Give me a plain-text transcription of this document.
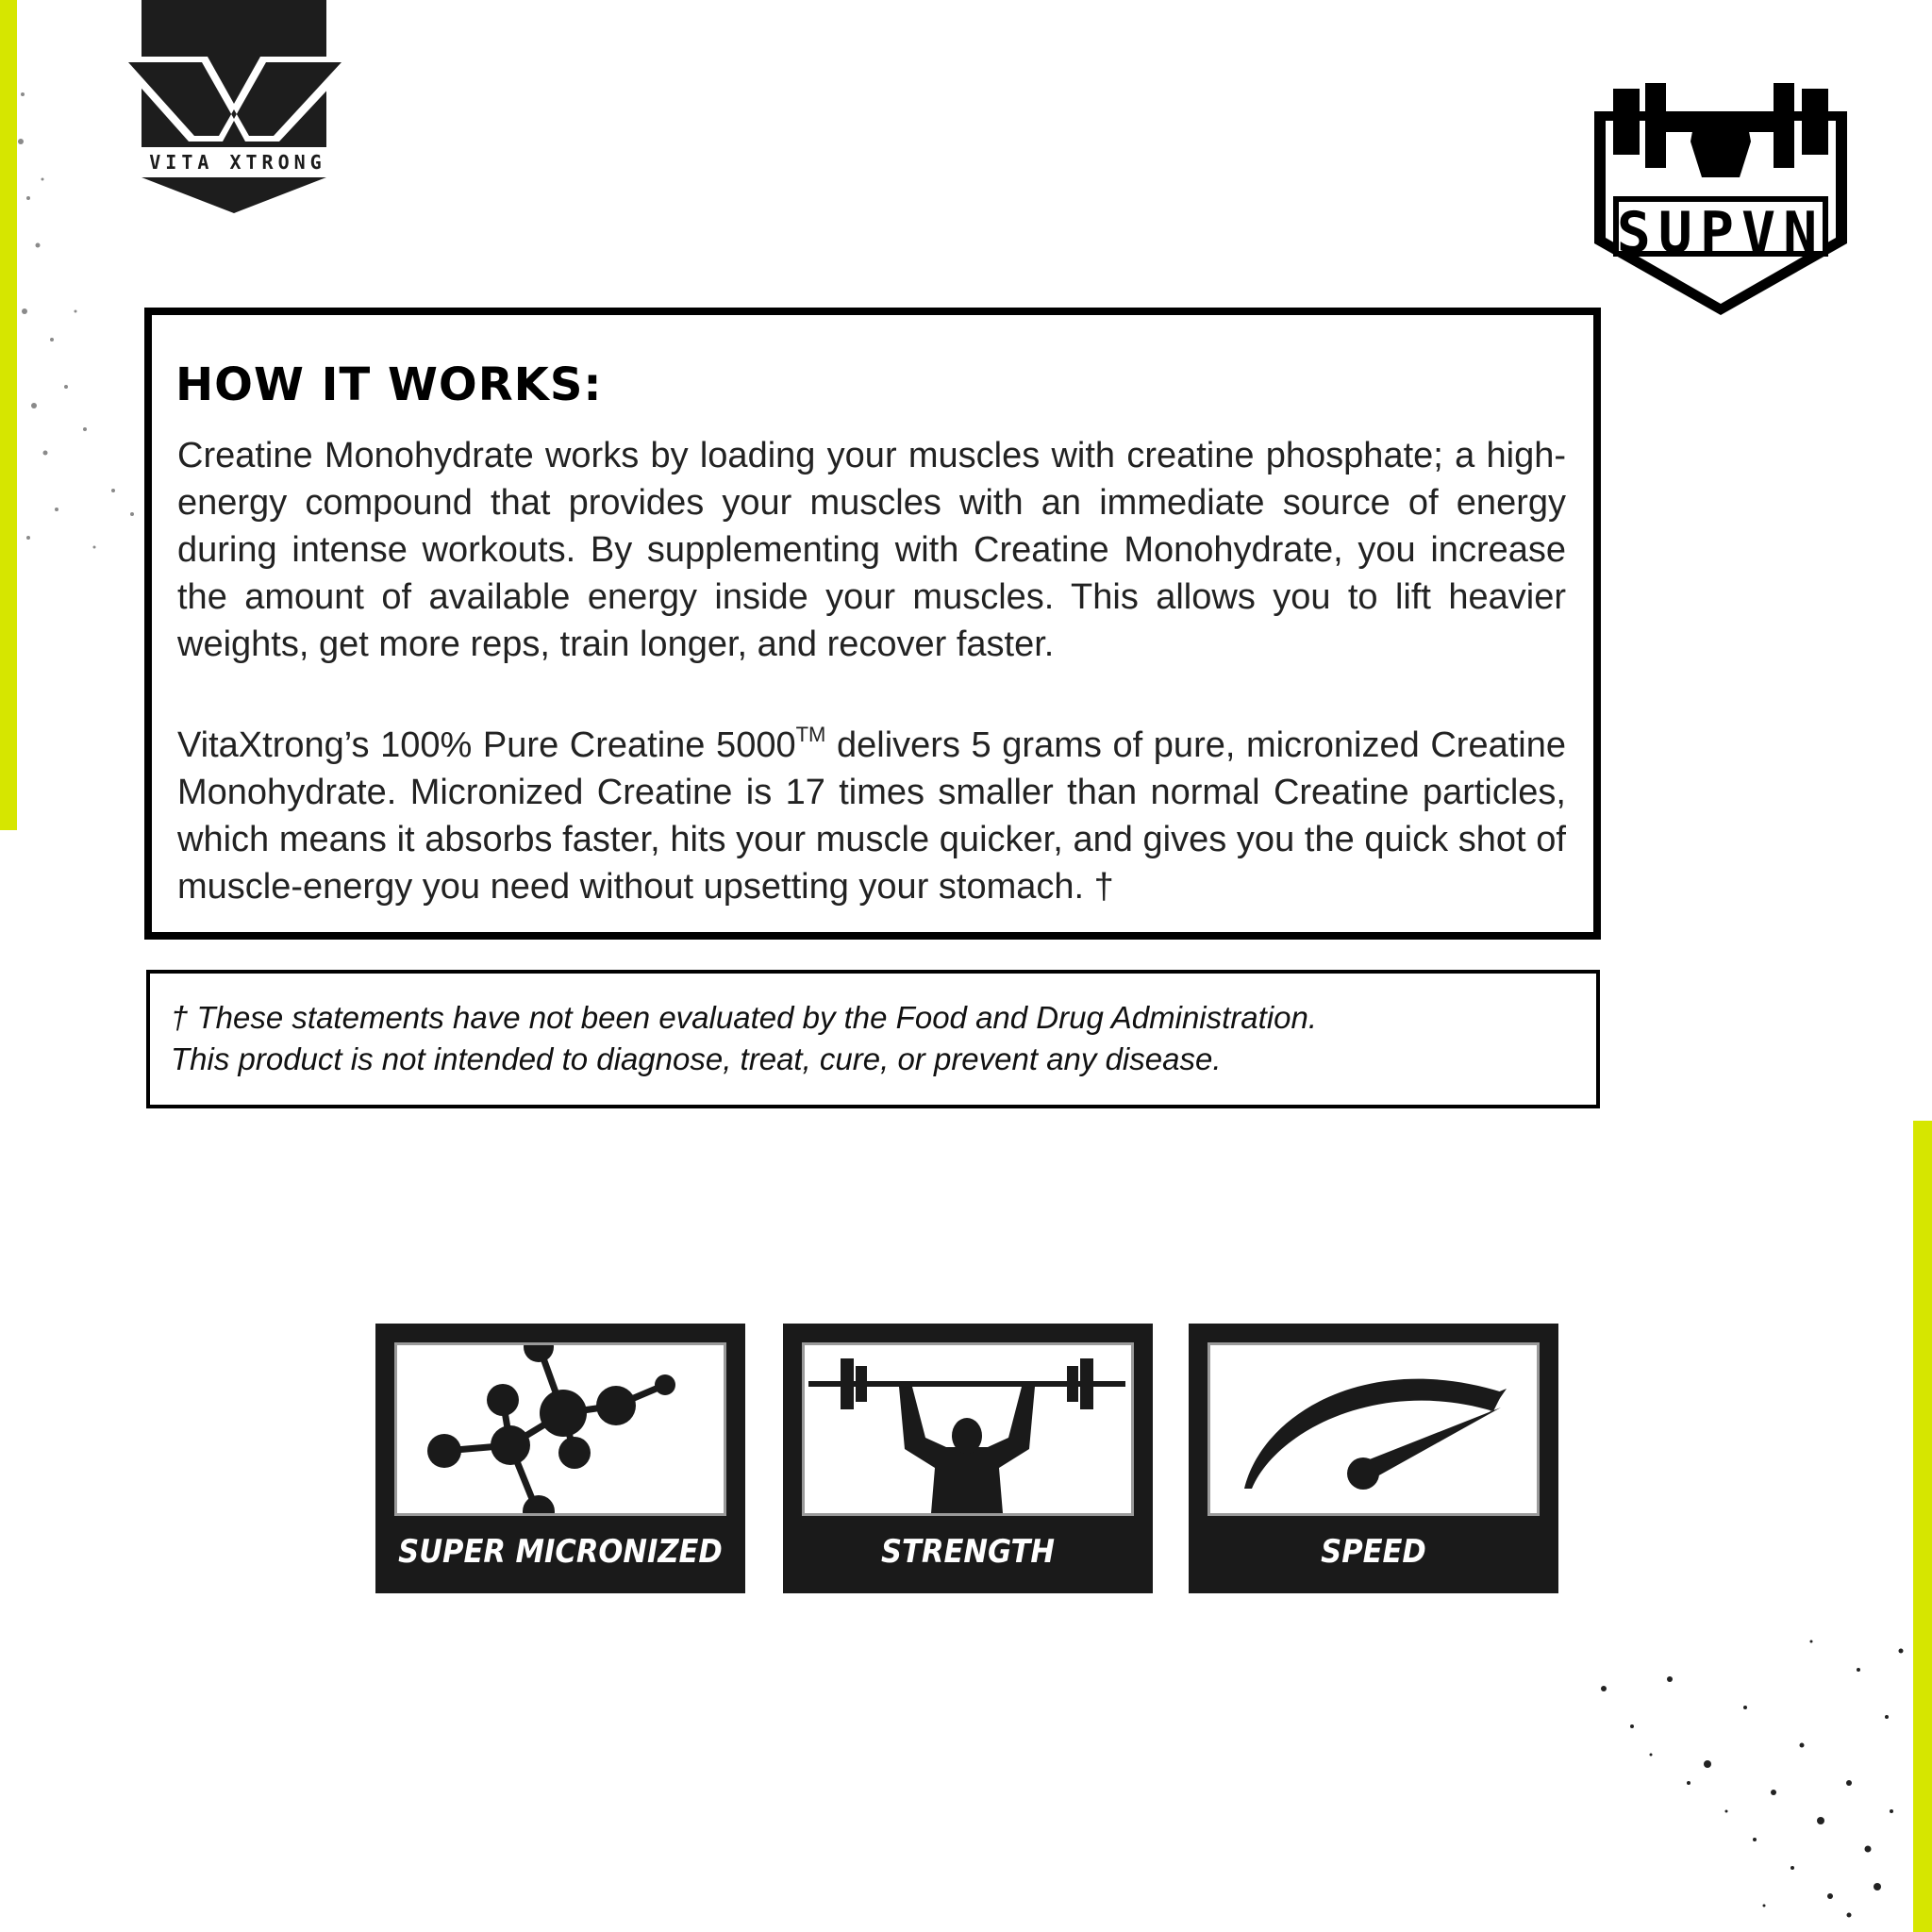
VITA XTRONG
SUPVN
HOW IT WORKS:

Creatine Monohydrate works by loading your muscles with creatine phosphate; a high-energy compound that provides your muscles with an immediate source of energy during intense workouts. By supplementing with Creatine Monohydrate, you increase the amount of available energy inside your muscles. This allows you to lift heavier weights, get more reps, train longer, and recover faster.

VitaXtrong’s 100% Pure Creatine 5000™ delivers 5 grams of pure, micronized Creatine Monohydrate. Micronized Creatine is 17 times smaller than normal Creatine particles, which means it absorbs faster, hits your muscle quicker, and gives you the quick shot of muscle-energy you need without upsetting your stomach. †

† These statements have not been evaluated by the Food and Drug Administration.

This product is not intended to diagnose, treat, cure, or prevent any disease.

SUPER MICRONIZED	STRENGTH	SPEED
